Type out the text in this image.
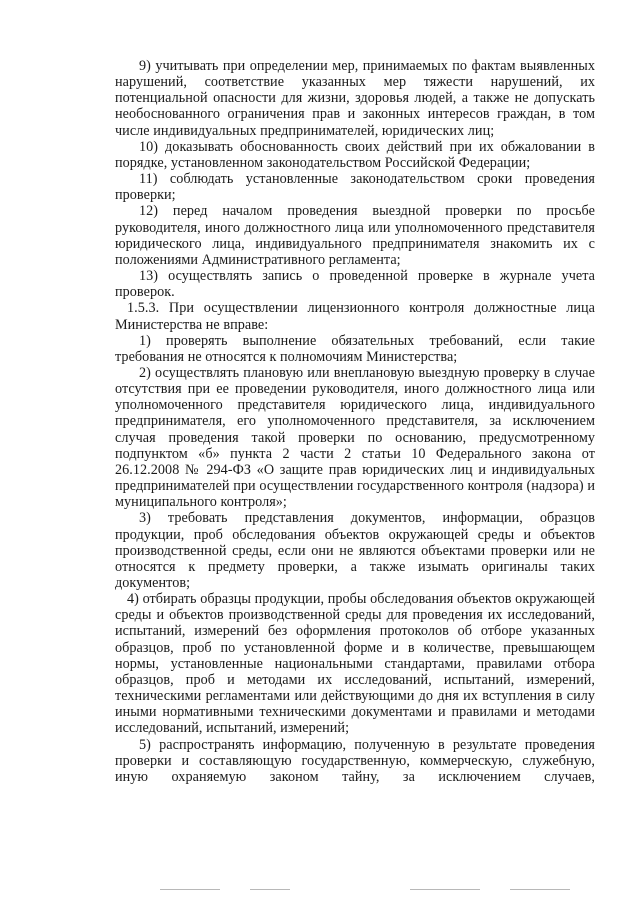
9) учитывать при определении мер, принимаемых по фактам выявленных нарушений, соответствие указанных мер тяжести нарушений, их потенциальной опасности для жизни, здоровья людей, а также не допускать необоснованного ограничения прав и законных интересов граждан, в том числе индивидуальных предпринимателей, юридических лиц;

10) доказывать обоснованность своих действий при их обжаловании в порядке, установленном законодательством Российской Федерации;

11) соблюдать установленные законодательством сроки проведения проверки;

12) перед началом проведения выездной проверки по просьбе руководителя, иного должностного лица или уполномоченного представителя юридического лица, индивидуального предпринимателя знакомить их с положениями Административного регламента;

13) осуществлять запись о проведенной проверке в журнале учета проверок.

1.5.3. При осуществлении лицензионного контроля должностные лица Министерства не вправе:

1) проверять выполнение обязательных требований, если такие требования не относятся к полномочиям Министерства;

2) осуществлять плановую или внеплановую выездную проверку в случае отсутствия при ее проведении руководителя, иного должностного лица или уполномоченного представителя юридического лица, индивидуального предпринимателя, его уполномоченного представителя, за исключением случая проведения такой проверки по основанию, предусмотренному подпунктом «б» пункта 2 части 2 статьи 10 Федерального закона от 26.12.2008 № 294-ФЗ «О защите прав юридических лиц и индивидуальных предпринимателей при осуществлении государственного контроля (надзора) и муниципального контроля»;

3) требовать представления документов, информации, образцов продукции, проб обследования объектов окружающей среды и объектов производственной среды, если они не являются объектами проверки или не относятся к предмету проверки, а также изымать оригиналы таких документов;

4) отбирать образцы продукции, пробы обследования объектов окружающей среды и объектов производственной среды для проведения их исследований, испытаний, измерений без оформления протоколов об отборе указанных образцов, проб по установленной форме и в количестве, превышающем нормы, установленные национальными стандартами, правилами отбора образцов, проб и методами их исследований, испытаний, измерений, техническими регламентами или действующими до дня их вступления в силу иными нормативными техническими документами и правилами и методами исследований, испытаний, измерений;

5) распространять информацию, полученную в результате проведения проверки и составляющую государственную, коммерческую, служебную, иную охраняемую законом тайну, за исключением случаев,
